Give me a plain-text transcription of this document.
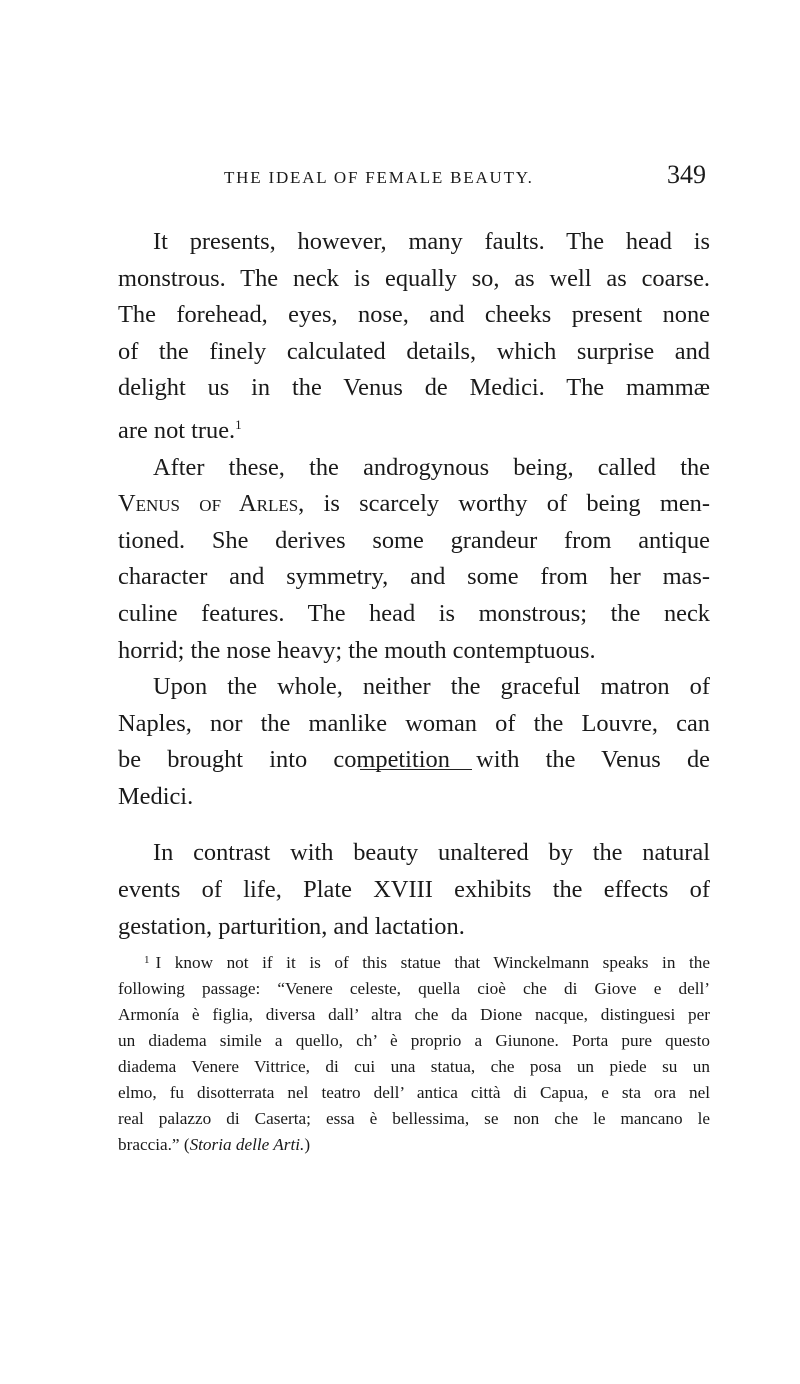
THE IDEAL OF FEMALE BEAUTY.	349
It presents, however, many faults. The head is
monstrous. The neck is equally so, as well as coarse.
The forehead, eyes, nose, and cheeks present none
of the finely calculated details, which surprise and
delight us in the Venus de Medici. The mammæ
are not true.$^1$
After these, the androgynous being, called the
Venus of Arles, is scarcely worthy of being men-
tioned. She derives some grandeur from antique
character and symmetry, and some from her mas-
culine features. The head is monstrous; the neck
horrid; the nose heavy; the mouth contemptuous.
Upon the whole, neither the graceful matron of
Naples, nor the manlike woman of the Louvre, can
be brought into competition with the Venus de
Medici.
In contrast with beauty unaltered by the natural
events of life, Plate XVIII exhibits the effects of
gestation, parturition, and lactation.
$^1$ I know not if it is of this statue that Winckelmann speaks in the
following passage: “Venere celeste, quella cioè che di Giove e dell’
Armonía è figlia, diversa dall’ altra che da Dione nacque, distinguesi per
un diadema simile a quello, ch’ è proprio a Giunone. Porta pure questo
diadema Venere Vittrice, di cui una statua, che posa un piede su un
elmo, fu disotterrata nel teatro dell’ antica città di Capua, e sta ora nel
real palazzo di Caserta; essa è bellessima, se non che le mancano le
braccia.” (Storia delle Arti.)
